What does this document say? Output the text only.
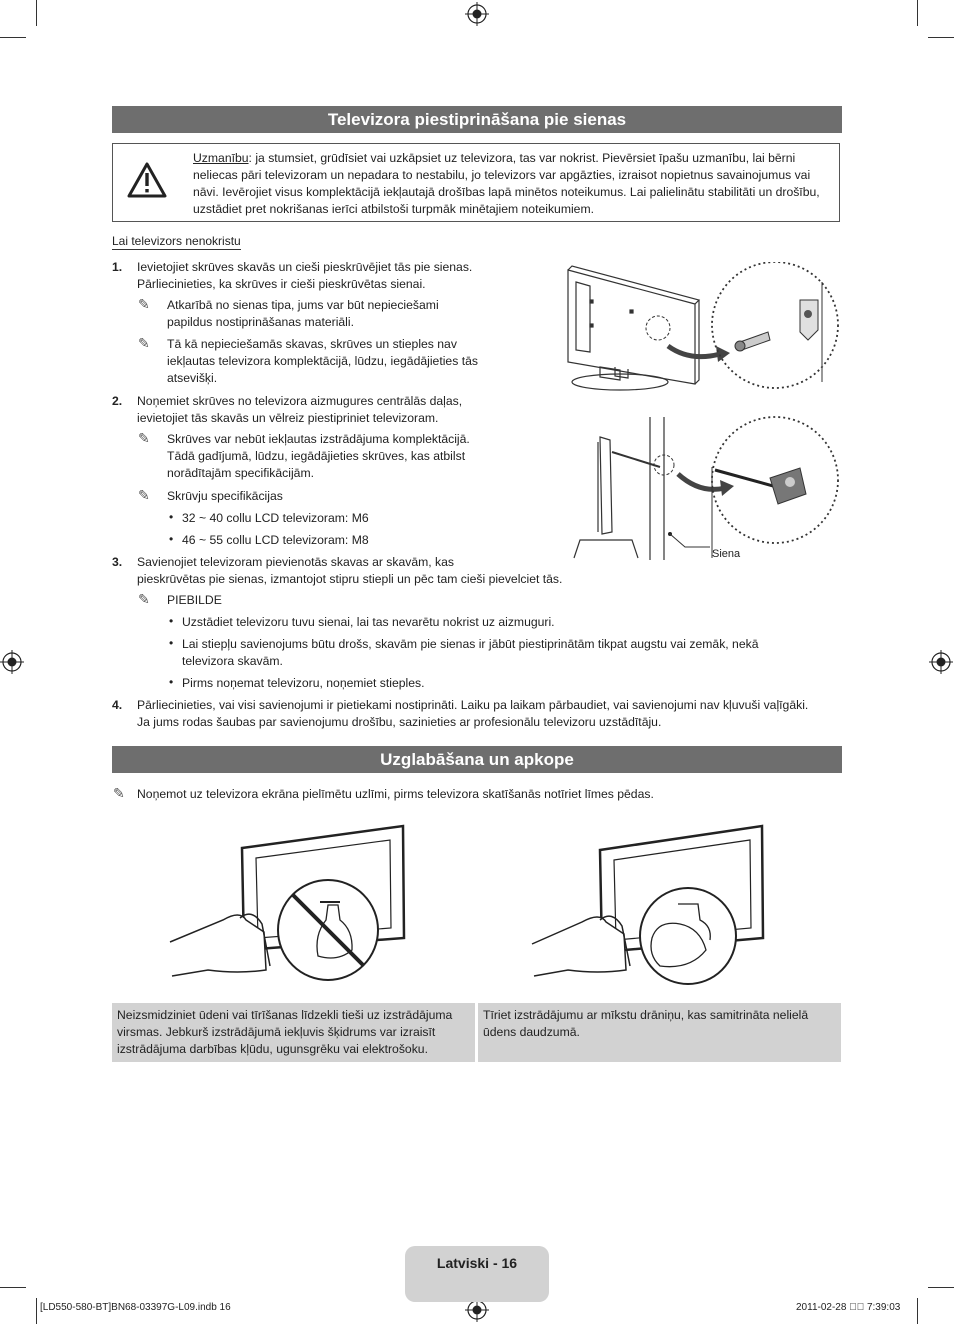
Televizora piestiprināšana pie sienas
Uzmanību: ja stumsiet, grūdīsiet vai uzkāpsiet uz televizora, tas var nokrist. Pievērsiet īpašu uzmanību, lai bērni neliecas pāri televizoram un nepadara to nestabilu, jo televizors var apgāzties, izraisot nopietnus savainojumus vai nāvi. Ievērojiet visus komplektācijā iekļautajā drošības lapā minētos noteikumus. Lai palielinātu stabilitāti un drošību, uzstādiet pret nokrišanas ierīci atbilstoši turpmāk minētajiem noteikumiem.
Lai televizors nenokristu
1. Ievietojiet skrūves skavās un cieši pieskrūvējiet tās pie sienas.
Pārliecinieties, ka skrūves ir cieši pieskrūvētas sienai.
✎ Atkarībā no sienas tipa, jums var būt nepieciešami
papildus nostiprināšanas materiāli.
✎ Tā kā nepieciešamās skavas, skrūves un stieples nav
iekļautas televizora komplektācijā, lūdzu, iegādājieties tās
atsevišķi.
2. Noņemiet skrūves no televizora aizmugures centrālās daļas,
ievietojiet tās skavās un vēlreiz piestipriniet televizoram.
✎ Skrūves var nebūt iekļautas izstrādājuma komplektācijā.
Tādā gadījumā, lūdzu, iegādājieties skrūves, kas atbilst
norādītajām specifikācijām.
✎ Skrūvju specifikācijas
• 32 ~ 40 collu LCD televizoram: M6
• 46 ~ 55 collu LCD televizoram: M8
3. Savienojiet televizoram pievienotās skavas ar skavām, kas
pieskrūvētas pie sienas, izmantojot stipru stiepli un pēc tam cieši pievelciet tās.
✎ PIEBILDE
• Uzstādiet televizoru tuvu sienai, lai tas nevarētu nokrist uz aizmuguri.
• Lai stiepļu savienojums būtu drošs, skavām pie sienas ir jābūt piestiprinātām tikpat augstu vai zemāk, nekā
televizora skavām.
• Pirms noņemat televizoru, noņemiet stieples.
4. Pārliecinieties, vai visi savienojumi ir pietiekami nostiprināti. Laiku pa laikam pārbaudiet, vai savienojumi nav kļuvuši vaļīgāki.
Ja jums rodas šaubas par savienojumu drošību, sazinieties ar profesionālu televizoru uzstādītāju.
Siena
Uzglabāšana un apkope
✎ Noņemot uz televizora ekrāna pielīmētu uzlīmi, pirms televizora skatīšanās notīriet līmes pēdas.
Neizsmidziniet ūdeni vai tīrīšanas līdzekli tieši uz izstrādājuma virsmas. Jebkurš izstrādājumā iekļuvis šķidrums var izraisīt izstrādājuma darbības kļūdu, ugunsgrēku vai elektrošoku.
Tīriet izstrādājumu ar mīkstu drāniņu, kas samitrināta nelielā ūdens daudzumā.
Latviski - 16
[LD550-580-BT]BN68-03397G-L09.indb 16	2011-02-28 ￿￿ 7:39:03
